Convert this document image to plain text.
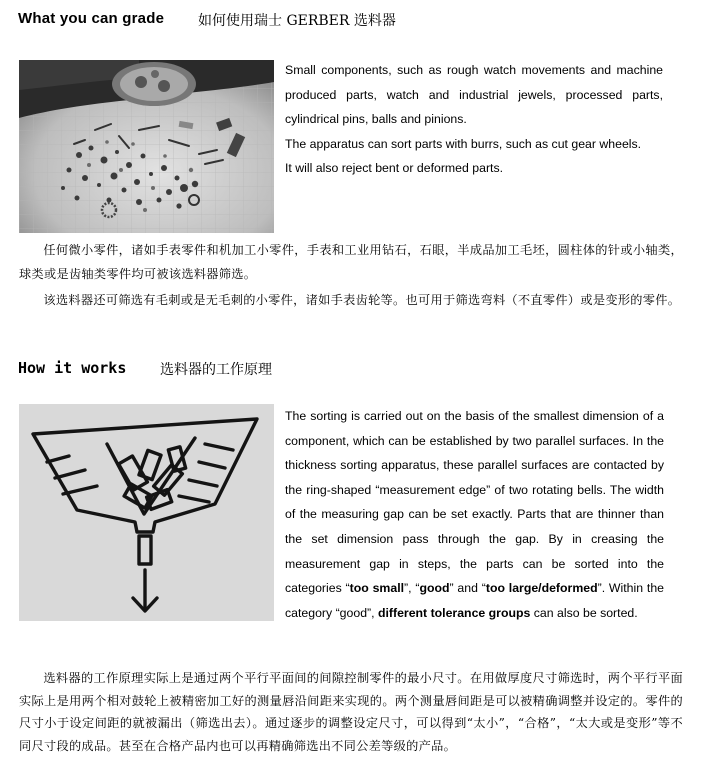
What you can grade 如何使用瑞士 GERBER 选料器

Small components, such as rough watch movements and machine produced parts, watch and industrial jewels, processed parts, cylindrical pins, balls and pinions.

The apparatus can sort parts with burrs, such as cut gear wheels.

It will also reject bent or deformed parts.

任何微小零件，诸如手表零件和机加工小零件，手表和工业用钻石，石眼，半成品加工毛坯，圆柱体的针或小轴类，球类或是齿轴类零件均可被该选料器筛选。

该选料器还可筛选有毛刺或是无毛刺的小零件，诸如手表齿轮等。也可用于筛选弯料（不直零件）或是变形的零件。

How it works 选料器的工作原理

The sorting is carried out on the basis of the smallest dimension of a component, which can be established by two parallel surfaces. In the thickness sorting apparatus, these parallel surfaces are contacted by the ring-shaped “measurement edge” of two rotating bells. The width of the measuring gap can be set exactly. Parts that are thinner than the set dimension pass through the gap. By in creasing the measurement gap in steps, the parts can be sorted into the categories “too small”, “good” and “too large/deformed”. Within the category “good”, different tolerance groups can also be sorted.

选料器的工作原理实际上是通过两个平行平面间的间隙控制零件的最小尺寸。在用做厚度尺寸筛选时，两个平行平面实际上是用两个相对鼓轮上被精密加工好的测量唇沿间距来实现的。两个测量唇间距是可以被精确调整并设定的。零件的尺寸小于设定间距的就被漏出（筛选出去）。通过逐步的调整设定尺寸，可以得到“太小”，“合格”，“太大或是变形”等不同尺寸段的成品。甚至在合格产品内也可以再精确筛选出不同公差等级的产品。
